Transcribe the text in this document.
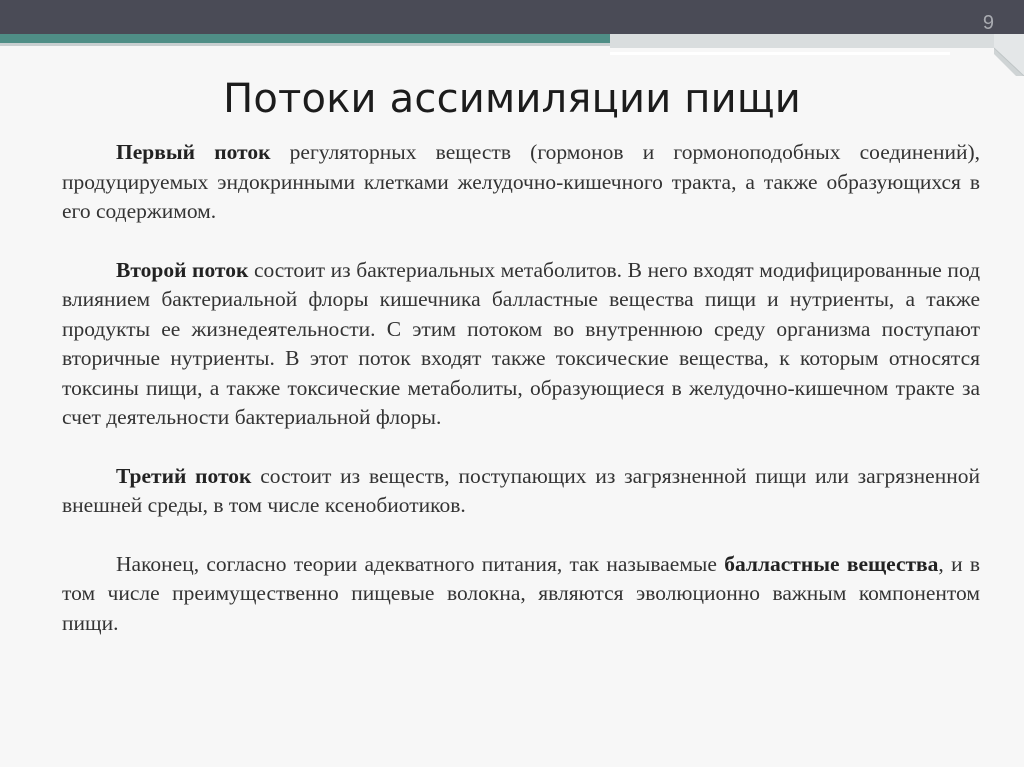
9
Потоки ассимиляции пищи

Первый поток регуляторных веществ (гормонов и гормоноподобных соединений), продуцируемых эндокринными клетками желудочно-кишечного тракта, а также образующихся в его содержимом.

Второй поток состоит из бактериальных метаболитов. В него входят модифицированные под влиянием бактериальной флоры кишечника балластные вещества пищи и нутриенты, а также продукты ее жизнедеятельности. С этим потоком во внутреннюю среду организма поступают вторичные нутриенты. В этот поток входят также токсические вещества, к которым относятся токсины пищи, а также токсические метаболиты, образующиеся в желудочно-кишечном тракте за счет деятельности бактериальной флоры.

Третий поток состоит из веществ, поступающих из загрязненной пищи или загрязненной внешней среды, в том числе ксенобиотиков.

Наконец, согласно теории адекватного питания, так называемые балластные вещества, и в том числе преимущественно пищевые волокна, являются эволюционно важным компонентом пищи.
